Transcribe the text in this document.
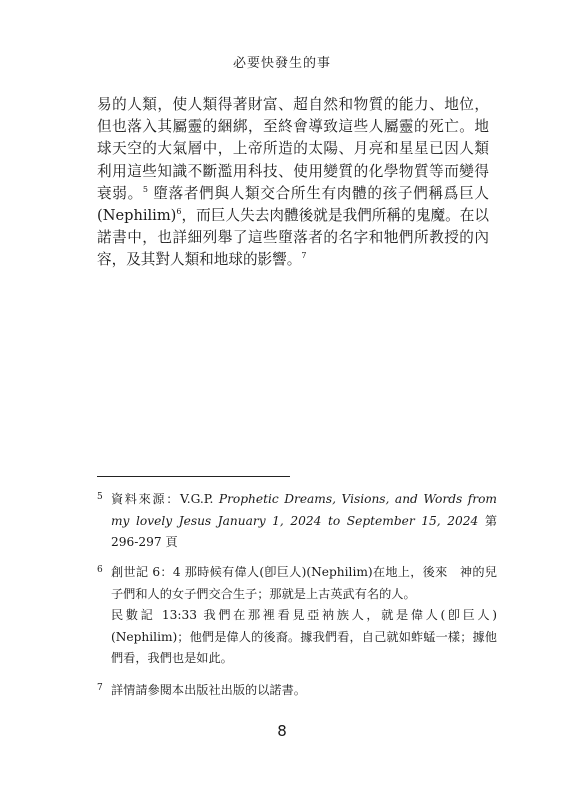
必要快發生的事

易的人類，使人類得著財富、超自然和物質的能力、地位，但也落入其屬靈的綑綁，至終會導致這些人屬靈的死亡。地球天空的大氣層中，上帝所造的太陽、月亮和星星已因人類利用這些知識不斷濫用科技、使用變質的化學物質等而變得衰弱。$^5$ 墮落者們與人類交合所生有肉體的孩子們稱爲巨人(Nephilim)$^6$，而巨人失去肉體後就是我們所稱的鬼魔。在以諾書中，也詳細列舉了這些墮落者的名字和牠們所教授的內容，及其對人類和地球的影響。$^7$

5 資料來源：V.G.P. Prophetic Dreams, Visions, and Words from my lovely Jesus January 1, 2024 to September 15, 2024 第 296-297 頁
6 創世記 6：4 那時候有偉人(卽巨人)(Nephilim)在地上，後來　神的兒子們和人的女子們交合生子；那就是上古英武有名的人。
民數記 13:33 我們在那裡看見亞衲族人，就是偉人(卽巨人)(Nephilim)；他們是偉人的後裔。據我們看，自己就如蚱蜢一樣；據他們看，我們也是如此。
7 詳情請參閱本出版社出版的以諾書。
8
